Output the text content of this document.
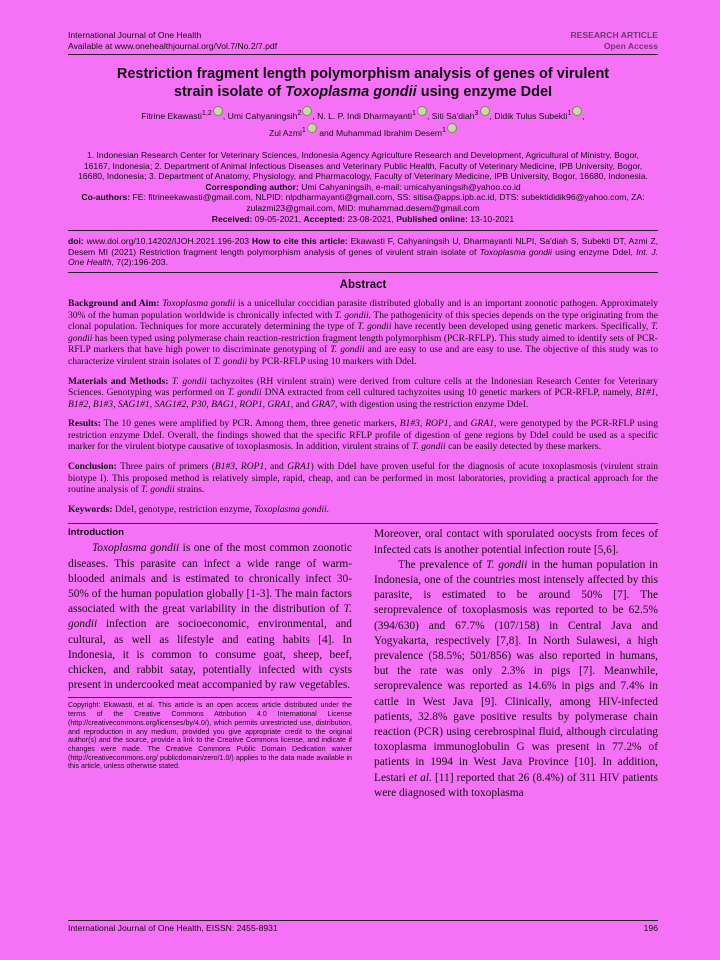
International Journal of One Health
Available at www.onehealthjournal.org/Vol.7/No.2/7.pdf
RESEARCH ARTICLE
Open Access
Restriction fragment length polymorphism analysis of genes of virulent
strain isolate of Toxoplasma gondii using enzyme DdeI
Fitrine Ekawasti$^{1,2}$ , Umi Cahyaningsih$^2$ , N. L. P. Indi Dharmayanti$^1$ , Siti Sa'diah$^3$ , Didik Tulus Subekti$^1$ ,
Zul Azmi$^1$ and Muhammad Ibrahim Desem$^1$
1. Indonesian Research Center for Veterinary Sciences, Indonesia Agency Agriculture Research and Development, Agricultural of Ministry, Bogor, 16167, Indonesia; 2. Department of Animal Infectious Diseases and Veterinary Public Health, Faculty of Veterinary Medicine, IPB University, Bogor, 16680, Indonesia; 3. Department of Anatomy, Physiology, and Pharmacology, Faculty of Veterinary Medicine, IPB University, Bogor, 16680, Indonesia.
Corresponding author: Umi Cahyaningsih, e-mail: umicahyaningsih@yahoo.co.id
Co-authors: FE: fitrineekawasti@gmail.com, NLPID: nlpdharmayanti@gmail.com, SS: sitisa@apps.ipb.ac.id, DTS: subektididik96@yahoo.com, ZA: zulazmi23@gmail.com, MID: muhammad.desem@gmail.com
Received: 09-05-2021, Accepted: 23-08-2021, Published online: 13-10-2021
doi: www.doi.org/10.14202/IJOH.2021.196-203 How to cite this article: Ekawasti F, Cahyaningsih U, Dharmayanti NLPI, Sa'diah S, Subekti DT, Azmi Z, Desem MI (2021) Restriction fragment length polymorphism analysis of genes of virulent strain isolate of Toxoplasma gondii using enzyme DdeI, Int. J. One Health, 7(2):196-203.
Abstract

Background and Aim: Toxoplasma gondii is a unicellular coccidian parasite distributed globally and is an important zoonotic pathogen. Approximately 30% of the human population worldwide is chronically infected with T. gondii. The pathogenicity of this species depends on the type originating from the clonal population. Techniques for more accurately determining the type of T. gondii have recently been developed using genetic markers. Specifically, T. gondii has been typed using polymerase chain reaction-restriction fragment length polymorphism (PCR-RFLP). This study aimed to identify sets of PCR-RFLP markers that have high power to discriminate genotyping of T. gondii and are easy to use and are easy to use. The objective of this study was to characterize virulent strain isolates of T. gondii by PCR-RFLP using 10 markers with DdeI.

Materials and Methods: T. gondii tachyzoites (RH virulent strain) were derived from culture cells at the Indonesian Research Center for Veterinary Sciences. Genotyping was performed on T. gondii DNA extracted from cell cultured tachyzoites using 10 genetic markers of PCR-RFLP, namely, B1#1, B1#2, B1#3, SAG1#1, SAG1#2, P30, BAG1, ROP1, GRA1, and GRA7, with digestion using the restriction enzyme DdeI.

Results: The 10 genes were amplified by PCR. Among them, three genetic markers, B1#3, ROP1, and GRA1, were genotyped by the PCR-RFLP using restriction enzyme DdeI. Overall, the findings showed that the specific RFLP profile of digestion of gene regions by DdeI could be used as a specific marker for the virulent biotype causative of toxoplasmosis. In addition, virulent strains of T. gondii can be easily detected by these markers.

Conclusion: Three pairs of primers (B1#3, ROP1, and GRA1) with DdeI have proven useful for the diagnosis of acute toxoplasmosis (virulent strain biotype I). This proposed method is relatively simple, rapid, cheap, and can be performed in most laboratories, providing a practical approach for the routine analysis of T. gondii strains.

Keywords: DdeI, genotype, restriction enzyme, Toxoplasma gondii.

Introduction

Toxoplasma gondii is one of the most common zoonotic diseases. This parasite can infect a wide range of warm-blooded animals and is estimated to chronically infect 30-50% of the human population globally [1-3]. The main factors associated with the great variability in the distribution of T. gondii infection are socioeconomic, environmental, and cultural, as well as lifestyle and eating habits [4]. In Indonesia, it is common to consume goat, sheep, beef, chicken, and rabbit satay, potentially infected with cysts present in undercooked meat accompanied by raw vegetables.

Copyright: Ekawasti, et al. This article is an open access article distributed under the terms of the Creative Commons Attribution 4.0 International License (http://creativecommons.org/licenses/by/4.0/), which permits unrestricted use, distribution, and reproduction in any medium, provided you give appropriate credit to the original author(s) and the source, provide a link to the Creative Commons license, and indicate if changes were made. The Creative Commons Public Domain Dedication waiver (http://creativecommons.org/ publicdomain/zero/1.0/) applies to the data made available in this article, unless otherwise stated.

Moreover, oral contact with sporulated oocysts from feces of infected cats is another potential infection route [5,6].

The prevalence of T. gondii in the human population in Indonesia, one of the countries most intensely affected by this parasite, is estimated to be around 50% [7]. The seroprevalence of toxoplasmosis was reported to be 62.5% (394/630) and 67.7% (107/158) in Central Java and Yogyakarta, respectively [7,8]. In North Sulawesi, a high prevalence (58.5%; 501/856) was also reported in humans, but the rate was only 2.3% in pigs [7]. Meanwhile, seroprevalence was reported as 14.6% in pigs and 7.4% in cattle in West Java [9]. Clinically, among HIV-infected patients, 32.8% gave positive results by polymerase chain reaction (PCR) using cerebrospinal fluid, although circulating toxoplasma immunoglobulin G was present in 77.2% of patients in 1994 in West Java Province [10]. In addition, Lestari et al. [11] reported that 26 (8.4%) of 311 HIV patients were diagnosed with toxoplasma

International Journal of One Health, EISSN: 2455-8931	196
